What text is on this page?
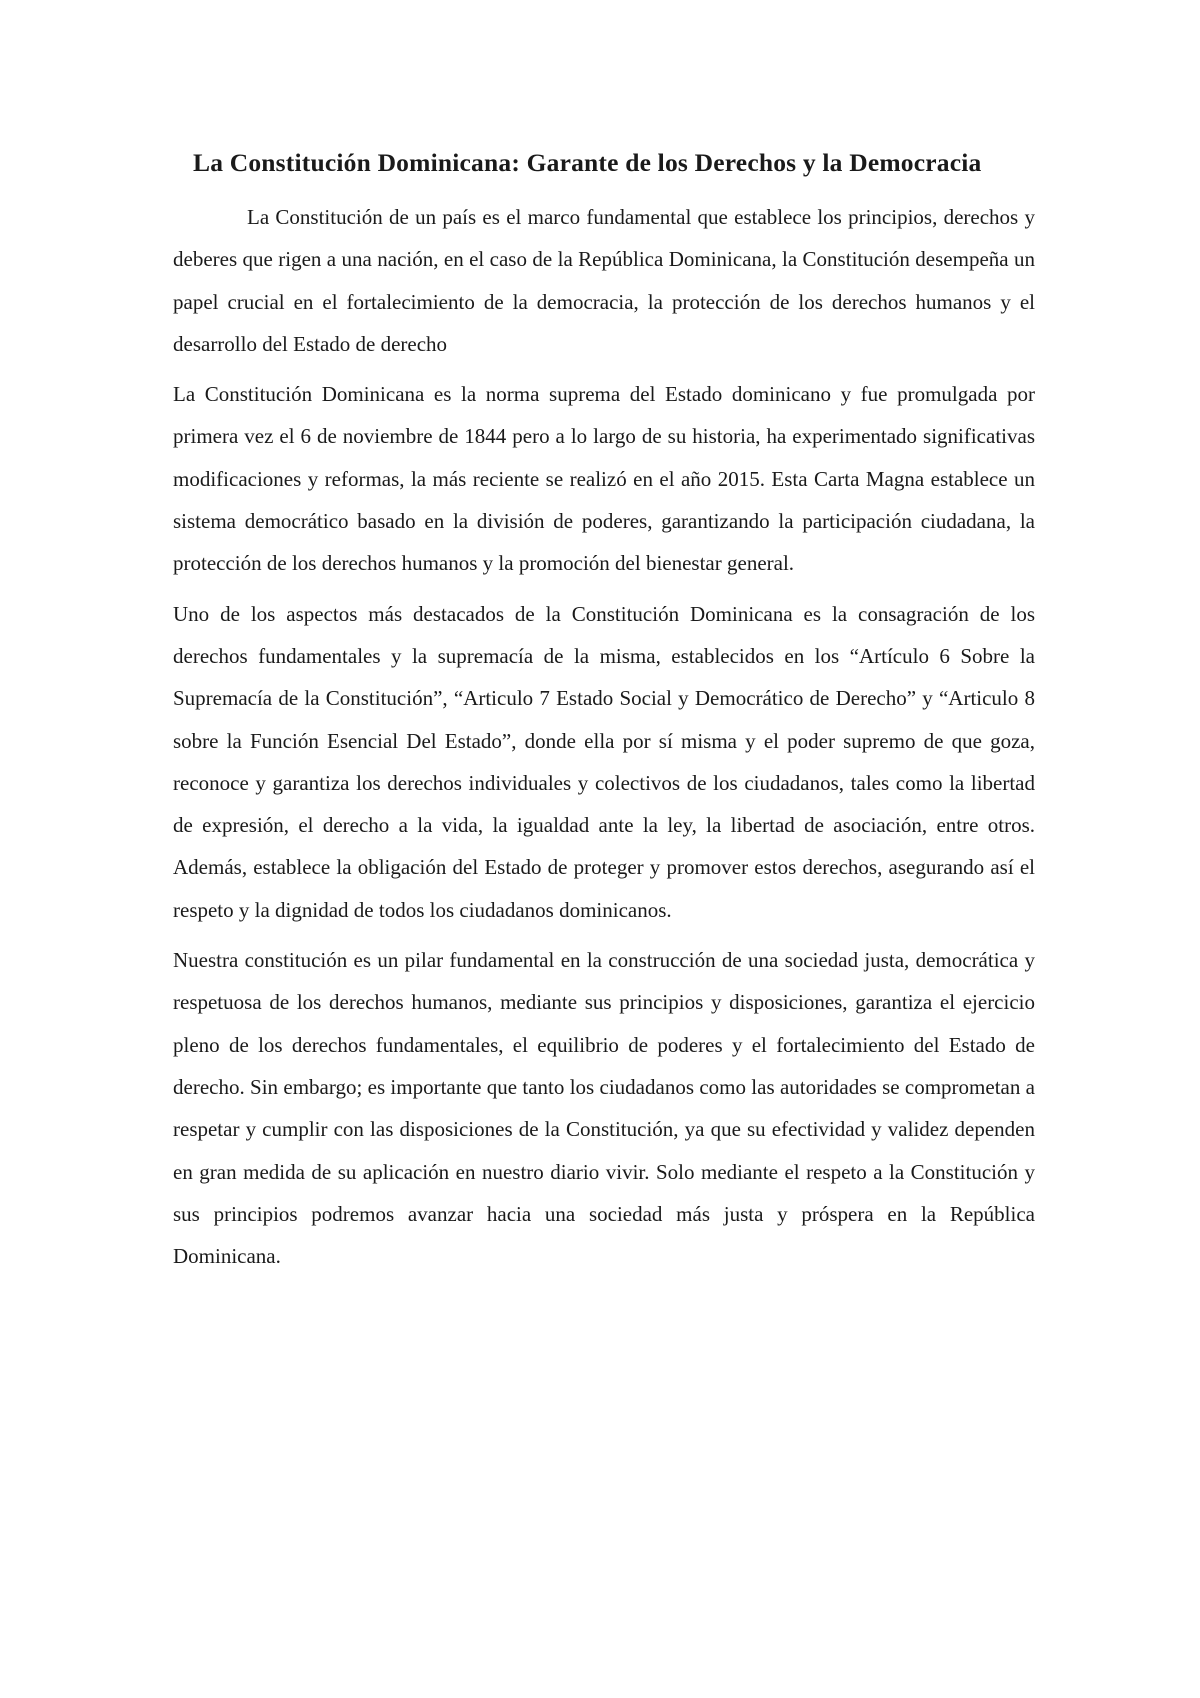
La Constitución Dominicana: Garante de los Derechos y la Democracia

La Constitución de un país es el marco fundamental que establece los principios, derechos y deberes que rigen a una nación, en el caso de la República Dominicana, la Constitución desempeña un papel crucial en el fortalecimiento de la democracia, la protección de los derechos humanos y el desarrollo del Estado de derecho

La Constitución Dominicana es la norma suprema del Estado dominicano y fue promulgada por primera vez el 6 de noviembre de 1844 pero a lo largo de su historia, ha experimentado significativas modificaciones y reformas, la más reciente se realizó en el año 2015. Esta Carta Magna establece un sistema democrático basado en la división de poderes, garantizando la participación ciudadana, la protección de los derechos humanos y la promoción del bienestar general.

Uno de los aspectos más destacados de la Constitución Dominicana es la consagración de los derechos fundamentales y la supremacía de la misma, establecidos en los “Artículo 6 Sobre la Supremacía de la Constitución”, “Articulo 7 Estado Social y Democrático de Derecho” y “Articulo 8 sobre la Función Esencial Del Estado”, donde ella por sí misma y el poder supremo de que goza, reconoce y garantiza los derechos individuales y colectivos de los ciudadanos, tales como la libertad de expresión, el derecho a la vida, la igualdad ante la ley, la libertad de asociación, entre otros. Además, establece la obligación del Estado de proteger y promover estos derechos, asegurando así el respeto y la dignidad de todos los ciudadanos dominicanos.

Nuestra constitución es un pilar fundamental en la construcción de una sociedad justa, democrática y respetuosa de los derechos humanos, mediante sus principios y disposiciones, garantiza el ejercicio pleno de los derechos fundamentales, el equilibrio de poderes y el fortalecimiento del Estado de derecho. Sin embargo; es importante que tanto los ciudadanos como las autoridades se comprometan a respetar y cumplir con las disposiciones de la Constitución, ya que su efectividad y validez dependen en gran medida de su aplicación en nuestro diario vivir. Solo mediante el respeto a la Constitución y sus principios podremos avanzar hacia una sociedad más justa y próspera en la República Dominicana.
